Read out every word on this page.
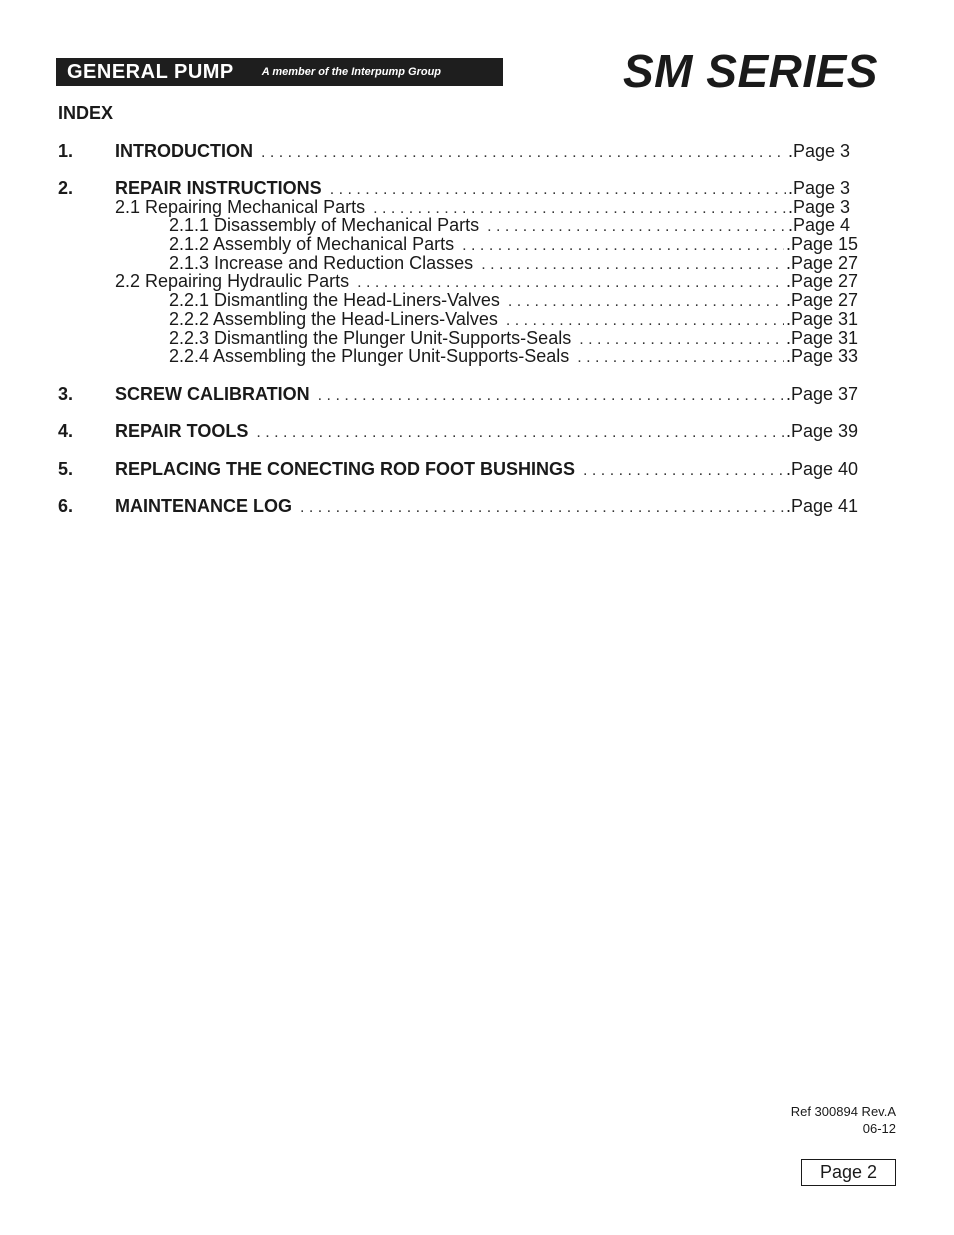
GENERAL PUMP	A member of the Interpump Group	SM SERIES
INDEX
1. INTRODUCTION . . .	.Page 3
2. REPAIR INSTRUCTIONS . . .	.Page 3
2.1 Repairing Mechanical Parts . . .	.Page 3
2.1.1 Disassembly of Mechanical Parts . . .	.Page 4
2.1.2 Assembly of Mechanical Parts . . .	.Page 15
2.1.3 Increase and Reduction Classes . . .	.Page 27
2.2 Repairing Hydraulic Parts . . .	.Page 27
2.2.1 Dismantling the Head-Liners-Valves . . .	.Page 27
2.2.2 Assembling the Head-Liners-Valves . . .	.Page 31
2.2.3 Dismantling the Plunger Unit-Supports-Seals . . .	.Page 31
2.2.4 Assembling the Plunger Unit-Supports-Seals . . .	.Page 33
3. SCREW CALIBRATION . . .	.Page 37
4. REPAIR TOOLS . . .	.Page 39
5. REPLACING THE CONECTING ROD FOOT BUSHINGS . . .	.Page 40
6. MAINTENANCE LOG . . .	.Page 41
Ref 300894 Rev.A
06-12
Page 2
